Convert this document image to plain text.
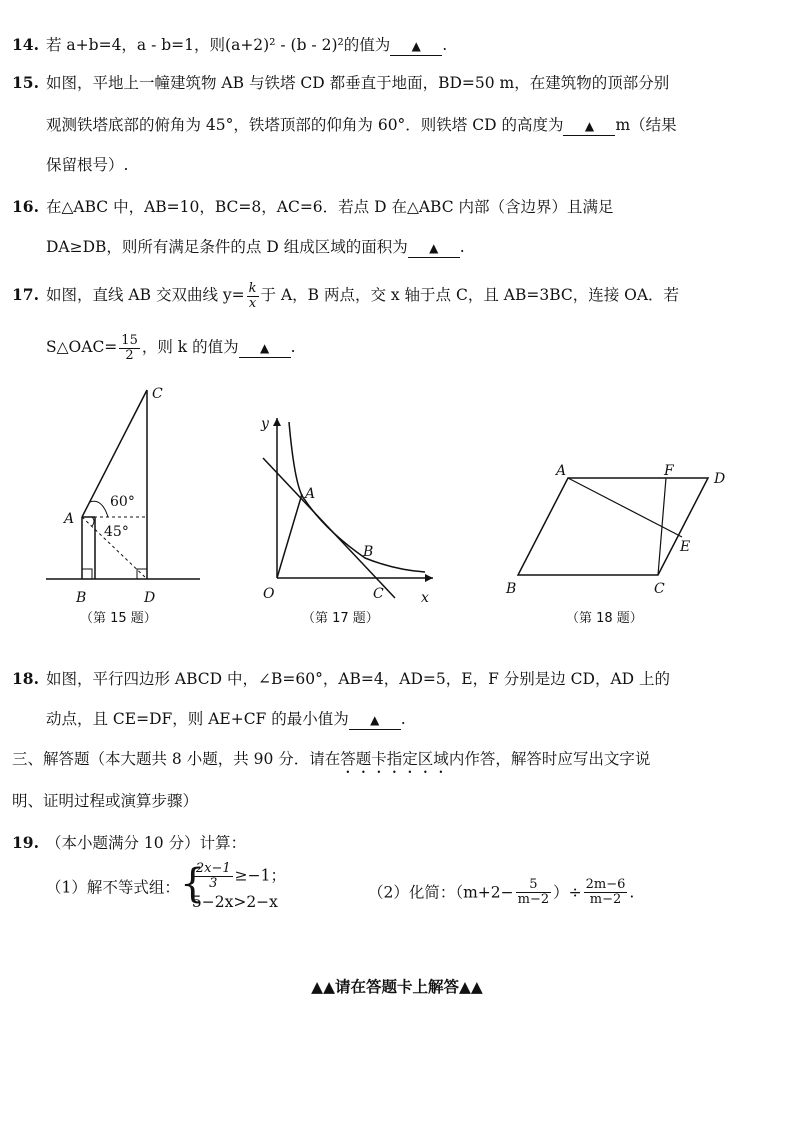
14. 若 a+b=4，a - b=1，则(a+2)² - (b - 2)²的值为 ▲ .
15. 如图，平地上一幢建筑物 AB 与铁塔 CD 都垂直于地面，BD=50 m，在建筑物的顶部分别
观测铁塔底部的俯角为 45°，铁塔顶部的仰角为 60°．则铁塔 CD 的高度为 ▲ m（结果
保留根号）.
16. 在△ABC 中，AB=10，BC=8，AC=6．若点 D 在△ABC 内部（含边界）且满足
DA≥DB，则所有满足条件的点 D 组成区域的面积为 ▲ .
17. 如图，直线 AB 交双曲线 $y= \frac{k}{x}$ 于 A，B 两点，交 x 轴于点 C，且 AB=3BC，连接 OA．若
S△OAC= $\frac{15}{2}$ ，则 k 的值为 ▲ .
C
A
B	D
60°
45°
（第 15 题）
y
x
O
A
B
C
（第 17 题）
A	F	D
E
B	C
（第 18 题）
18. 如图，平行四边形 ABCD 中，∠B=60°，AB=4，AD=5，E，F 分别是边 CD，AD 上的
动点，且 CE=DF，则 AE+CF 的最小值为 ▲ .
三、解答题（本大题共 8 小题，共 90 分．请在答题卡指定区域内作答，解答时应写出文字说
明、证明过程或演算步骤）
19. （本小题满分 10 分）计算：
（1）解不等式组： {
$\frac{2x-1}{3} \ge-1$；
5−2x>2−x
（2）化简：（$m+2- \frac{5}{m-2}$ ）÷ $\frac{2m-6}{m-2}$ .
▲▲请在答题卡上解答▲▲
